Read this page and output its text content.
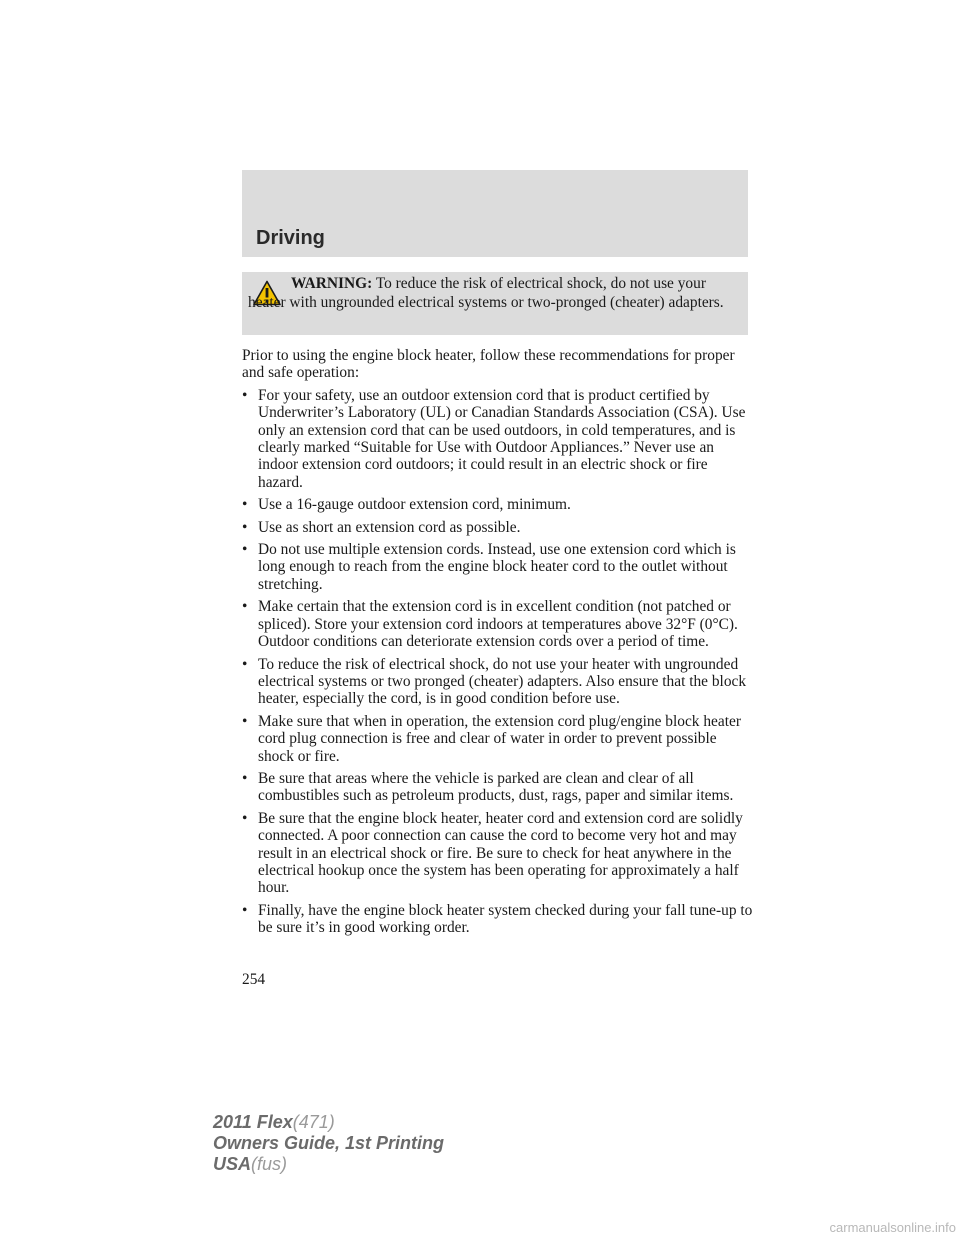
Driving
WARNING: To reduce the risk of electrical shock, do not use your heater with ungrounded electrical systems or two-pronged (cheater) adapters.

Prior to using the engine block heater, follow these recommendations for proper and safe operation:

• For your safety, use an outdoor extension cord that is product certified by Underwriter’s Laboratory (UL) or Canadian Standards Association (CSA). Use only an extension cord that can be used outdoors, in cold temperatures, and is clearly marked “Suitable for Use with Outdoor Appliances.” Never use an indoor extension cord outdoors; it could result in an electric shock or fire hazard.
• Use a 16-gauge outdoor extension cord, minimum.
• Use as short an extension cord as possible.
• Do not use multiple extension cords. Instead, use one extension cord which is long enough to reach from the engine block heater cord to the outlet without stretching.
• Make certain that the extension cord is in excellent condition (not patched or spliced). Store your extension cord indoors at temperatures above 32°F (0°C). Outdoor conditions can deteriorate extension cords over a period of time.
• To reduce the risk of electrical shock, do not use your heater with ungrounded electrical systems or two pronged (cheater) adapters. Also ensure that the block heater, especially the cord, is in good condition before use.
• Make sure that when in operation, the extension cord plug/engine block heater cord plug connection is free and clear of water in order to prevent possible shock or fire.
• Be sure that areas where the vehicle is parked are clean and clear of all combustibles such as petroleum products, dust, rags, paper and similar items.
• Be sure that the engine block heater, heater cord and extension cord are solidly connected. A poor connection can cause the cord to become very hot and may result in an electrical shock or fire. Be sure to check for heat anywhere in the electrical hookup once the system has been operating for approximately a half hour.
• Finally, have the engine block heater system checked during your fall tune-up to be sure it’s in good working order.
254
2011 Flex(471)
Owners Guide, 1st Printing
USA(fus)
carmanualsonline.info
